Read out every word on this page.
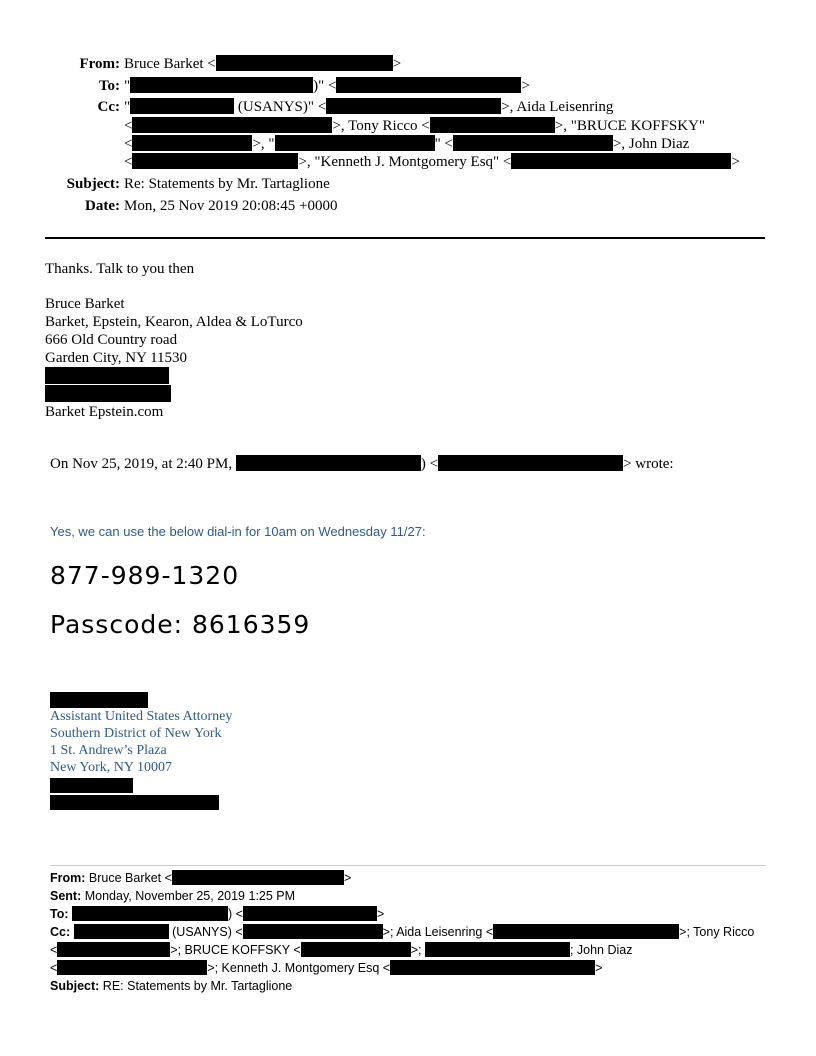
From: Bruce Barket <	>
To: "	)" <	>
Cc: "	(USANYS)" <	>, Aida Leisenring
<	>, Tony Ricco <	>, "BRUCE KOFFSKY"
<	>, "	" <	>, John Diaz
<	>, "Kenneth J. Montgomery Esq" <	>
Subject: Re: Statements by Mr. Tartaglione
Date: Mon, 25 Nov 2019 20:08:45 +0000
Thanks. Talk to you then
Bruce Barket
Barket, Epstein, Kearon, Aldea & LoTurco
666 Old Country road
Garden City, NY 11530
Barket Epstein.com
On Nov 25, 2019, at 2:40 PM,	) <	> wrote:
Yes, we can use the below dial-in for 10am on Wednesday 11/27:
877-989-1320
Passcode: 8616359
Assistant United States Attorney
Southern District of New York
1 St. Andrew’s Plaza
New York, NY 10007
From: Bruce Barket <	>
Sent: Monday, November 25, 2019 1:25 PM
To:	) <	>
Cc:	(USANYS) <	>; Aida Leisenring <	>; Tony Ricco
<	>; BRUCE KOFFSKY <	>;	; John Diaz
<	>; Kenneth J. Montgomery Esq <	>
Subject: RE: Statements by Mr. Tartaglione
